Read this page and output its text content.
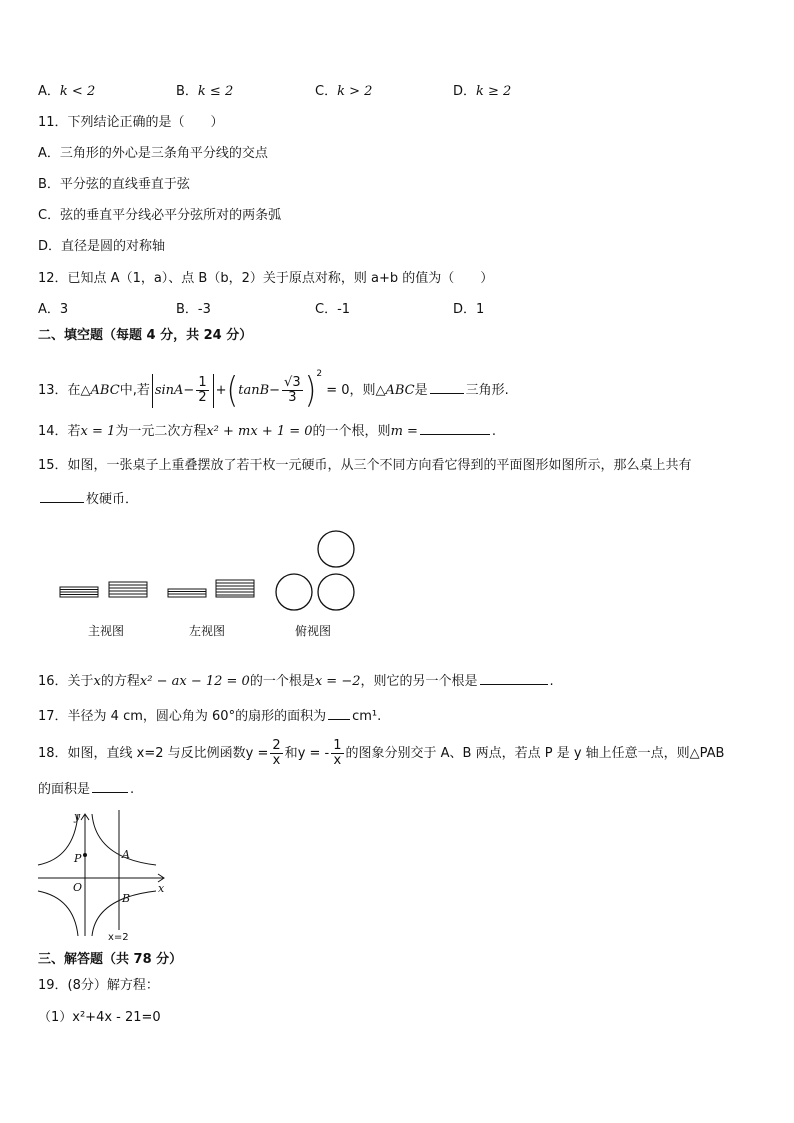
A．k < 2	B．k ≤ 2	C．k > 2	D．k ≥ 2
11．下列结论正确的是（　　）
A．三角形的外心是三条角平分线的交点
B．平分弦的直线垂直于弦
C．弦的垂直平分线必平分弦所对的两条弧
D．直径是圆的对称轴
12．已知点 A（1，a）、点 B（b，2）关于原点对称，则 a+b 的值为（　　）
A．3	B．-3	C．-1	D．1
二、填空题（每题 4 分，共 24 分）
13．在△ABC中,若 $\sin A- \frac{1}{2} +(\tan B- \frac{√3}{3} )^2 = 0$，则△ABC是	三角形.
14．若x = 1为一元二次方程x² + mx + 1 = 0的一个根，则m =	.
15．如图，一张桌子上重叠摆放了若干枚一元硬币，从三个不同方向看它得到的平面图形如图所示，那么桌上共有
枚硬币．
主视图	左视图	俯视图
16．关于x的方程x² − ax − 12 = 0的一个根是x = −2，则它的另一个根是	.
17．半径为 4 cm，圆心角为 60°的扇形的面积为 cm¹.
18．如图，直线 x=2 与反比例函数$y = \frac{2}{x}$ 和y = - $\frac{1}{x}$ 的图象分别交于 A、B 两点，若点 P 是 y 轴上任意一点，则△PAB
的面积是	.
y
x
P	A
O
B
x=2
三、解答题（共 78 分）
19．(8分）解方程：
（1）x²+4x - 21=0
